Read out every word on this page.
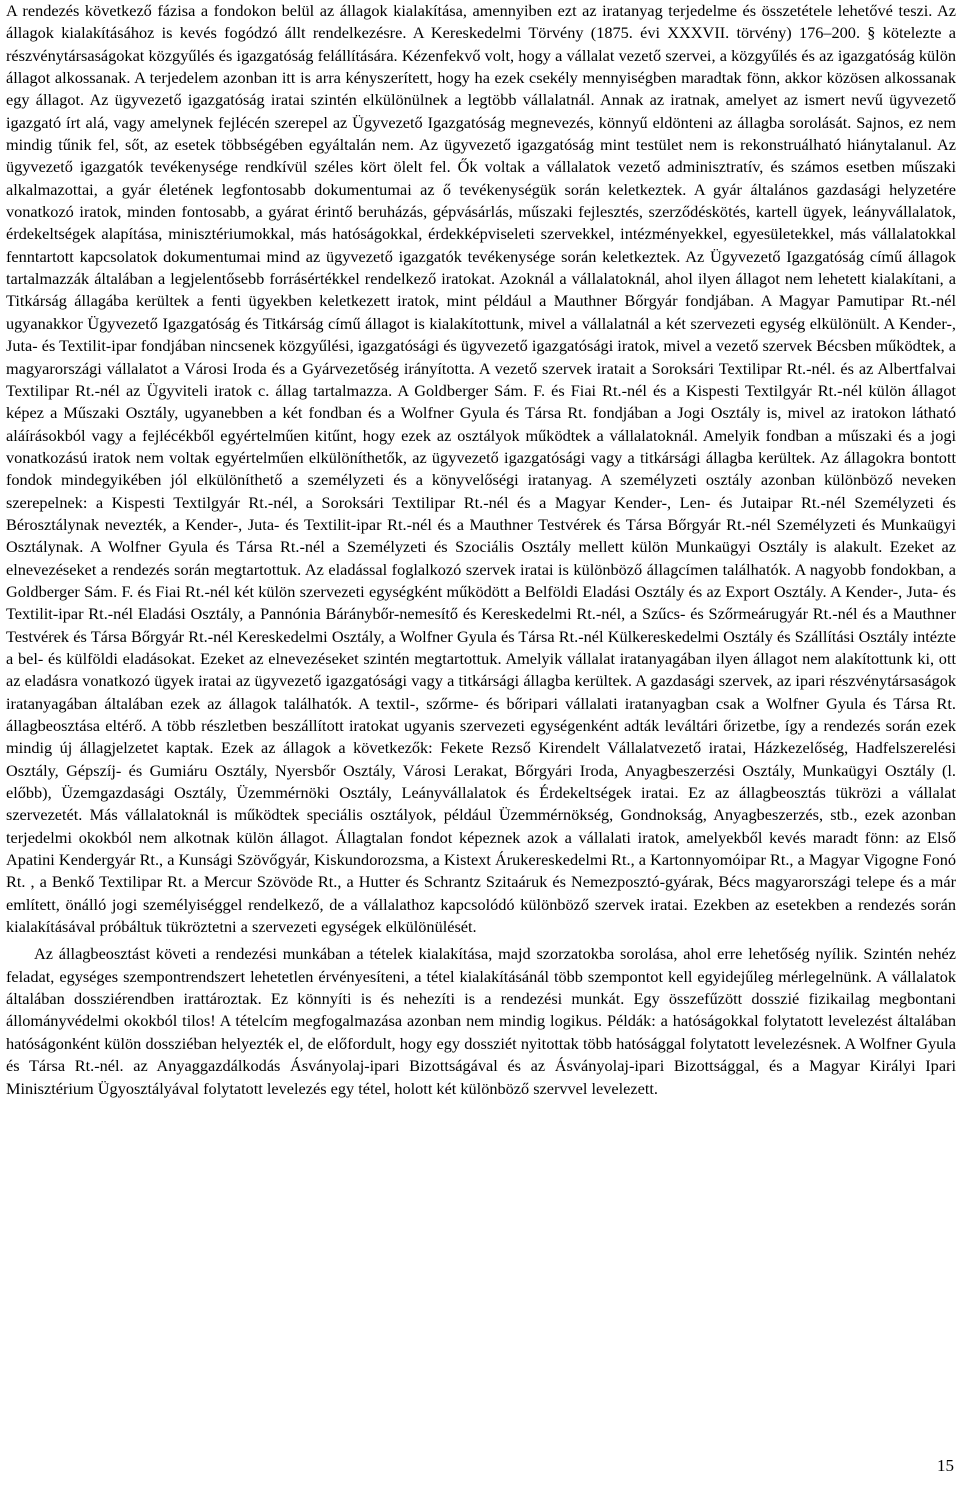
A rendezés következő fázisa a fondokon belül az állagok kialakítása, amennyiben ezt az iratanyag terjedelme és összetétele lehetővé teszi. Az állagok kialakításához is kevés fogódzó állt rendelkezésre. A Kereskedelmi Törvény (1875. évi XXXVII. törvény) 176–200. § kötelezte a részvénytársaságokat közgyűlés és igazgatóság felállítására. Kézenfekvő volt, hogy a vállalat vezető szervei, a közgyűlés és az igazgatóság külön állagot alkossanak. A terjedelem azonban itt is arra kényszerített, hogy ha ezek csekély mennyiségben maradtak fönn, akkor közösen alkossanak egy állagot. Az ügyvezető igazgatóság iratai szintén elkülönülnek a legtöbb vállalatnál. Annak az iratnak, amelyet az ismert nevű ügyvezető igazgató írt alá, vagy amelynek fejlécén szerepel az Ügyvezető Igazgatóság megnevezés, könnyű eldönteni az állagba sorolását. Sajnos, ez nem mindig tűnik fel, sőt, az esetek többségében egyáltalán nem. Az ügyvezető igazgatóság mint testület nem is rekonstruálható hiánytalanul. Az ügyvezető igazgatók tevékenysége rendkívül széles kört ölelt fel. Ők voltak a vállalatok vezető adminisztratív, és számos esetben műszaki alkalmazottai, a gyár életének legfontosabb dokumentumai az ő tevékenységük során keletkeztek. A gyár általános gazdasági helyzetére vonatkozó iratok, minden fontosabb, a gyárat érintő beruházás, gépvásárlás, műszaki fejlesztés, szerződéskötés, kartell ügyek, leányvállalatok, érdekeltségek alapítása, minisztériumokkal, más hatóságokkal, érdekképviseleti szervekkel, intézményekkel, egyesületekkel, más vállalatokkal fenntartott kapcsolatok dokumentumai mind az ügyvezető igazgatók tevékenysége során keletkeztek. Az Ügyvezető Igazgatóság című állagok tartalmazzák általában a legjelentősebb forrásértékkel rendelkező iratokat. Azoknál a vállalatoknál, ahol ilyen állagot nem lehetett kialakítani, a Titkárság állagába kerültek a fenti ügyekben keletkezett iratok, mint például a Mauthner Bőrgyár fondjában. A Magyar Pamutipar Rt.-nél ugyanakkor Ügyvezető Igazgatóság és Titkárság című állagot is kialakítottunk, mivel a vállalatnál a két szervezeti egység elkülönült. A Kender-, Juta- és Textilit-ipar fondjában nincsenek közgyűlési, igazgatósági és ügyvezető igazgatósági iratok, mivel a vezető szervek Bécsben működtek, a magyarországi vállalatot a Városi Iroda és a Gyárvezetőség irányította. A vezető szervek iratait a Soroksári Textilipar Rt.-nél. és az Albertfalvai Textilipar Rt.-nél az Ügyviteli iratok c. állag tartalmazza. A Goldberger Sám. F. és Fiai Rt.-nél és a Kispesti Textilgyár Rt.-nél külön állagot képez a Műszaki Osztály, ugyanebben a két fondban és a Wolfner Gyula és Társa Rt. fondjában a Jogi Osztály is, mivel az iratokon látható aláírásokból vagy a fejlécékből egyértelműen kitűnt, hogy ezek az osztályok működtek a vállalatoknál. Amelyik fondban a műszaki és a jogi vonatkozású iratok nem voltak egyértelműen elkülöníthetők, az ügyvezető igazgatósági vagy a titkársági állagba kerültek. Az állagokra bontott fondok mindegyikében jól elkülöníthető a személyzeti és a könyvelőségi iratanyag. A személyzeti osztály azonban különböző neveken szerepelnek: a Kispesti Textilgyár Rt.-nél, a Soroksári Textilipar Rt.-nél és a Magyar Kender-, Len- és Jutaipar Rt.-nél Személyzeti és Bérosztálynak nevezték, a Kender-, Juta- és Textilit-ipar Rt.-nél és a Mauthner Testvérek és Társa Bőrgyár Rt.-nél Személyzeti és Munkaügyi Osztálynak. A Wolfner Gyula és Társa Rt.-nél a Személyzeti és Szociális Osztály mellett külön Munkaügyi Osztály is alakult. Ezeket az elnevezéseket a rendezés során megtartottuk. Az eladással foglalkozó szervek iratai is különböző állagcímen találhatók. A nagyobb fondokban, a Goldberger Sám. F. és Fiai Rt.-nél két külön szervezeti egységként működött a Belföldi Eladási Osztály és az Export Osztály. A Kender-, Juta- és Textilit-ipar Rt.-nél Eladási Osztály, a Pannónia Báránybőr-nemesítő és Kereskedelmi Rt.-nél, a Szűcs- és Szőrmeárugyár Rt.-nél és a Mauthner Testvérek és Társa Bőrgyár Rt.-nél Kereskedelmi Osztály, a Wolfner Gyula és Társa Rt.-nél Külkereskedelmi Osztály és Szállítási Osztály intézte a bel- és külföldi eladásokat. Ezeket az elnevezéseket szintén megtartottuk. Amelyik vállalat iratanyagában ilyen állagot nem alakítottunk ki, ott az eladásra vonatkozó ügyek iratai az ügyvezető igazgatósági vagy a titkársági állagba kerültek. A gazdasági szervek, az ipari részvénytársaságok iratanyagában általában ezek az állagok találhatók. A textil-, szőrme- és bőripari vállalati iratanyagban csak a Wolfner Gyula és Társa Rt. állagbeosztása eltérő. A több részletben beszállított iratokat ugyanis szervezeti egységenként adták leváltári őrizetbe, így a rendezés során ezek mindig új állagjelzetet kaptak. Ezek az állagok a következők: Fekete Rezső Kirendelt Vállalatvezető iratai, Házkezelőség, Hadfelszerelési Osztály, Gépszíj- és Gumiáru Osztály, Nyersbőr Osztály, Városi Lerakat, Bőrgyári Iroda, Anyagbeszerzési Osztály, Munkaügyi Osztály (l. előbb), Üzemgazdasági Osztály, Üzemmérnöki Osztály, Leányvállalatok és Érdekeltségek iratai. Ez az állagbeosztás tükrözi a vállalat szervezetét. Más vállalatoknál is működtek speciális osztályok, például Üzemmérnökség, Gondnokság, Anyagbeszerzés, stb., ezek azonban terjedelmi okokból nem alkotnak külön állagot. Állagtalan fondot képeznek azok a vállalati iratok, amelyekből kevés maradt fönn: az Első Apatini Kendergyár Rt., a Kunsági Szövőgyár, Kiskundorozsma, a Kistext Árukereskedelmi Rt., a Kartonnyomóipar Rt., a Magyar Vigogne Fonó Rt. , a Benkő Textilipar Rt. a Mercur Szövöde Rt., a Hutter és Schrantz Szitaáruk és Nemezposztó-gyárak, Bécs magyarországi telepe és a már említett, önálló jogi személyiséggel rendelkező, de a vállalathoz kapcsolódó különböző szervek iratai. Ezekben az esetekben a rendezés során kialakításával próbáltuk tükröztetni a szervezeti egységek elkülönülését.

Az állagbeosztást követi a rendezési munkában a tételek kialakítása, majd szorzatokba sorolása, ahol erre lehetőség nyílik. Szintén nehéz feladat, egységes szempontrendszert lehetetlen érvényesíteni, a tétel kialakításánál több szempontot kell egyidejűleg mérlegelnünk. A vállalatok általában dossziérendben irattároztak. Ez könnyíti is és nehezíti is a rendezési munkát. Egy összefűzött dosszié fizikailag megbontani állományvédelmi okokból tilos! A tételcím megfogalmazása azonban nem mindig logikus. Példák: a hatóságokkal folytatott levelezést általában hatóságonként külön dossziéban helyezték el, de előfordult, hogy egy dossziét nyitottak több hatósággal folytatott levelezésnek. A Wolfner Gyula és Társa Rt.-nél. az Anyaggazdálkodás Ásványolaj-ipari Bizottságával és az Ásványolaj-ipari Bizottsággal, és a Magyar Királyi Ipari Minisztérium Ügyosztályával folytatott levelezés egy tétel, holott két különböző szervvel levelezett.

15
